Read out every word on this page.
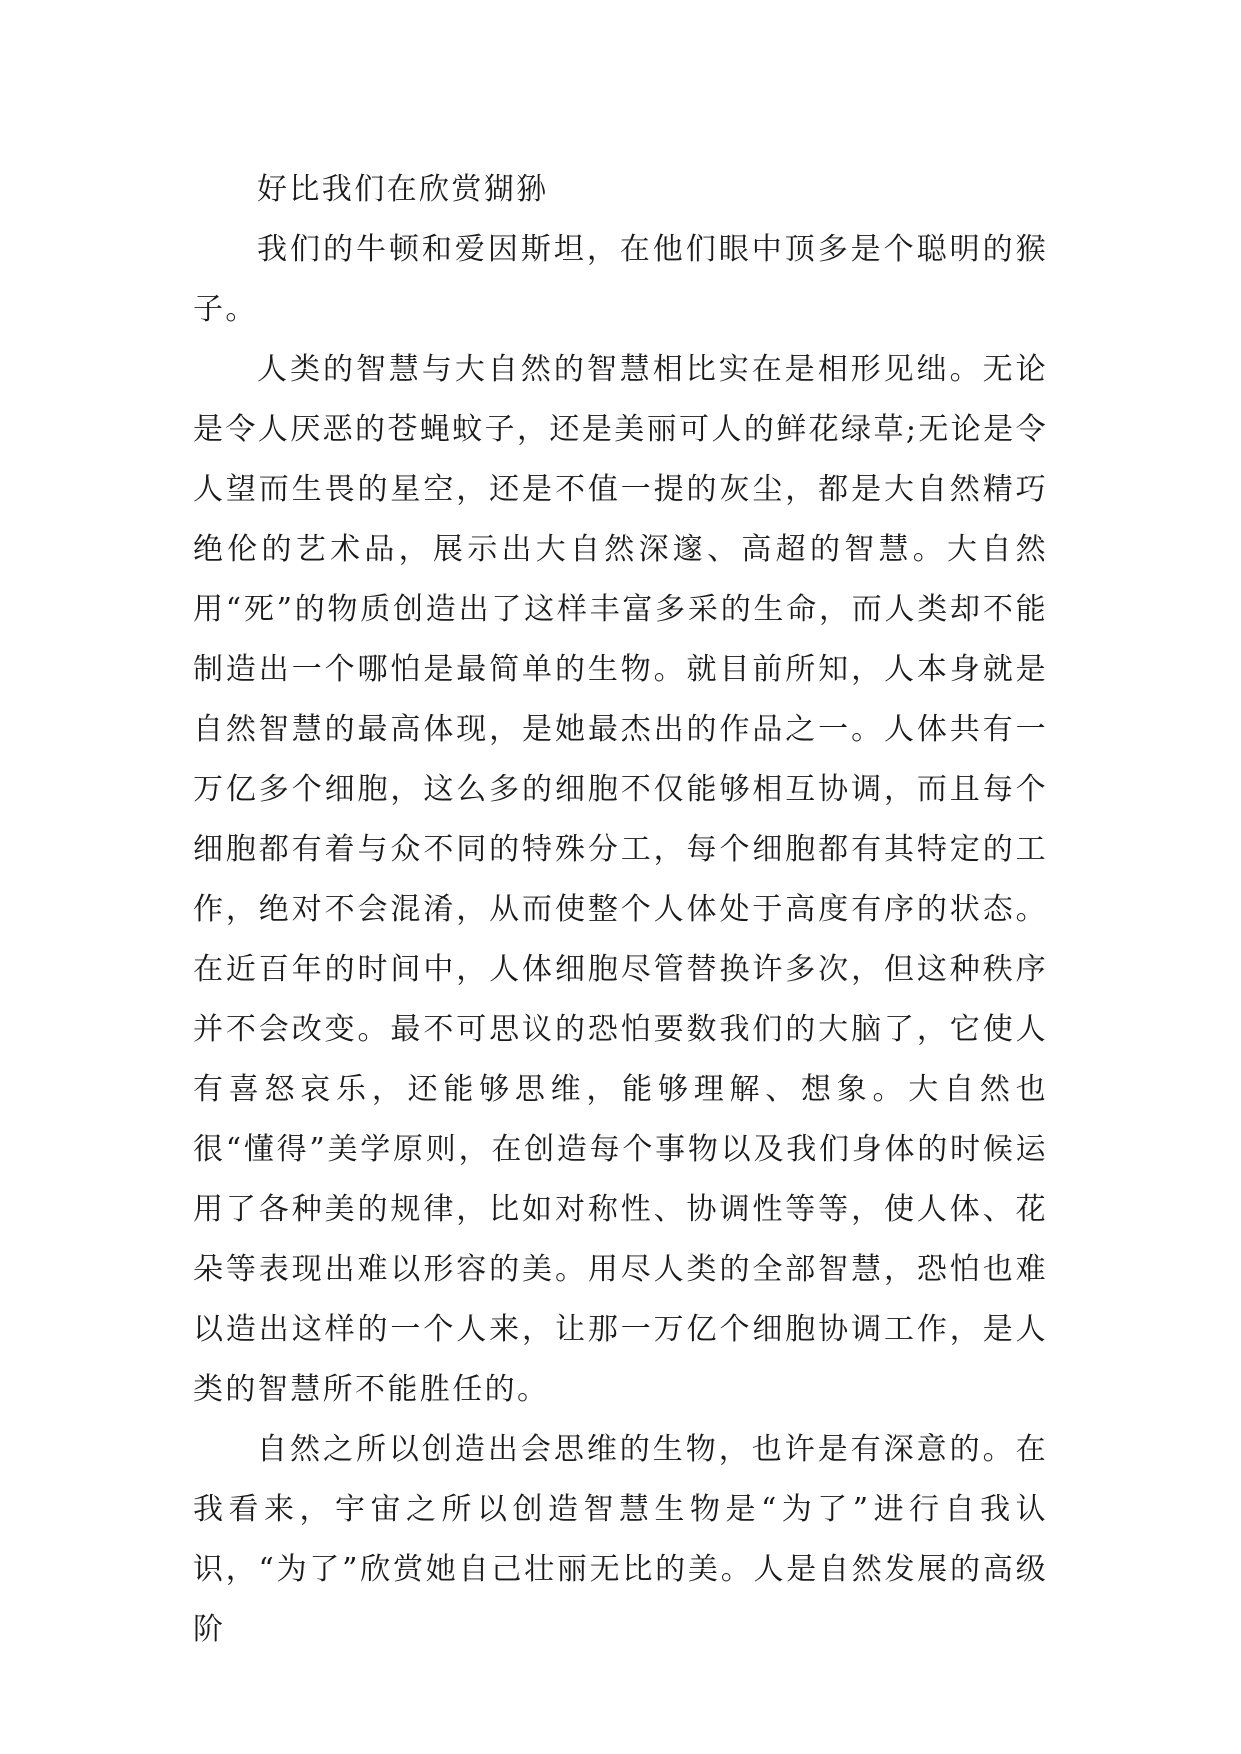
好比我们在欣赏猢狲

我们的牛顿和爱因斯坦，在他们眼中顶多是个聪明的猴子。

人类的智慧与大自然的智慧相比实在是相形见绌。无论是令人厌恶的苍蝇蚊子，还是美丽可人的鲜花绿草;无论是令人望而生畏的星空，还是不值一提的灰尘，都是大自然精巧绝伦的艺术品，展示出大自然深邃、高超的智慧。大自然用“死”的物质创造出了这样丰富多采的生命，而人类却不能制造出一个哪怕是最简单的生物。就目前所知，人本身就是自然智慧的最高体现，是她最杰出的作品之一。人体共有一万亿多个细胞，这么多的细胞不仅能够相互协调，而且每个细胞都有着与众不同的特殊分工，每个细胞都有其特定的工作，绝对不会混淆，从而使整个人体处于高度有序的状态。在近百年的时间中，人体细胞尽管替换许多次，但这种秩序并不会改变。最不可思议的恐怕要数我们的大脑了，它使人有喜怒哀乐，还能够思维，能够理解、想象。大自然也很“懂得”美学原则，在创造每个事物以及我们身体的时候运用了各种美的规律，比如对称性、协调性等等，使人体、花朵等表现出难以形容的美。用尽人类的全部智慧，恐怕也难以造出这样的一个人来，让那一万亿个细胞协调工作，是人类的智慧所不能胜任的。

自然之所以创造出会思维的生物，也许是有深意的。在我看来，宇宙之所以创造智慧生物是“为了”进行自我认识，“为了”欣赏她自己壮丽无比的美。人是自然发展的高级阶
